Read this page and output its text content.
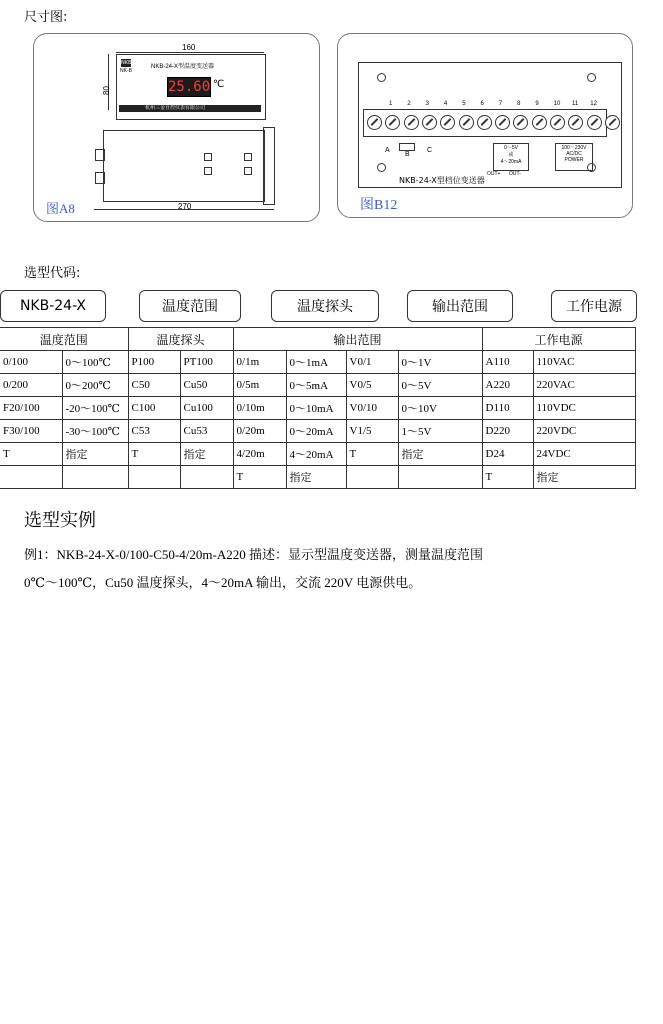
尺寸图:
160
80
NKB
NK-B
NKB-24-X型温度变送器
25.60 ℃
杭州三金自控仪表有限公司
270
图A8
1 2 3 4 5 6 7 8 9 10 11 12
A
B
C	0～5V
或
4～20mA
OUT+ OUT-
100～230V
AC/DC
POWER
NKB-24-X型档位变送器
图B12
选型代码:
NKB-24-X	温度范围	温度探头	输出范围	工作电源
温度范围		温度探头		输出范围				工作电源	
0/100	0～100℃	P100	PT100	0/1m	0～1mA	V0/1	0～1V	A110	110VAC
0/200	0～200℃	C50	Cu50	0/5m	0～5mA	V0/5	0～5V	A220	220VAC
F20/100	-20～100℃	C100	Cu100	0/10m	0～10mA	V0/10	0～10V	D110	110VDC
F30/100	-30～100℃	C53	Cu53	0/20m	0～20mA	V1/5	1～5V	D220	220VDC
T	指定	T	指定	4/20m	4～20mA	T	指定	D24	24VDC
				T	指定			T	指定
选型实例
例1：NKB-24-X-0/100-C50-4/20m-A220 描述：显示型温度变送器，测量温度范围
0℃～100℃，Cu50 温度探头，4～20mA 输出，交流 220V 电源供电。
